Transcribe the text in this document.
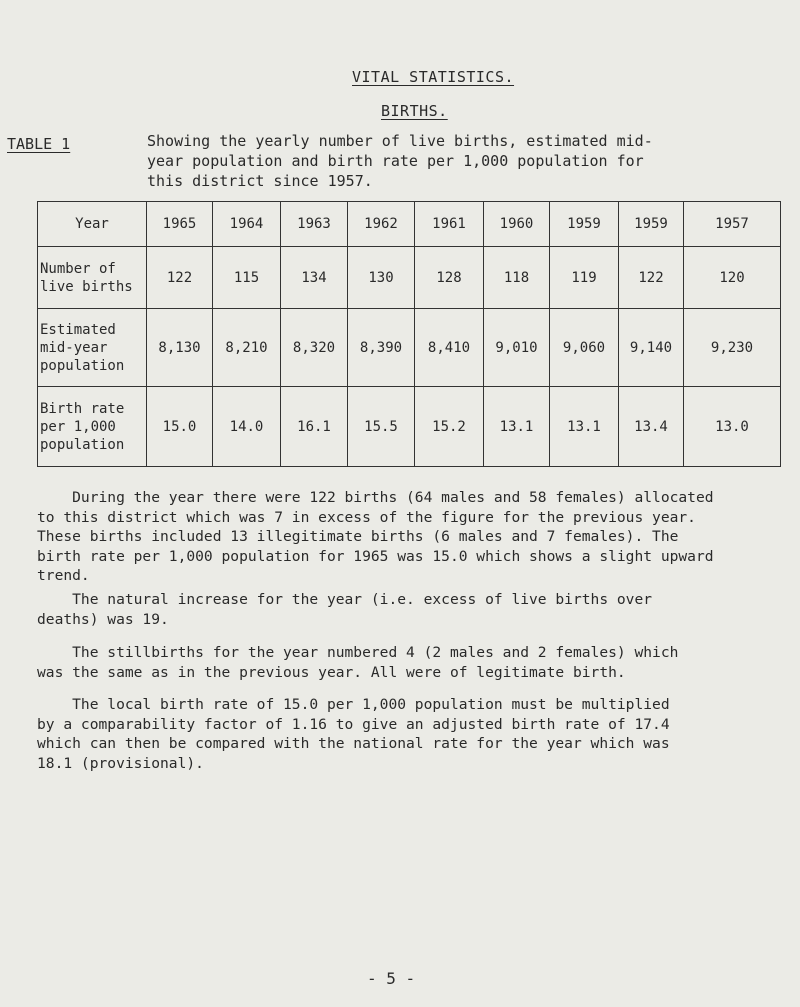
VITAL STATISTICS.
BIRTHS.
TABLE 1	Showing the yearly number of live births, estimated mid-
year population and birth rate per 1,000 population for
this district since 1957.
Year	1965	1964	1963	1962	1961	1960	1959	1959	1957

Number of
live births	122	115	134	130	128	118	119	122	120

Estimated
mid-year
population	8,130	8,210	8,320	8,390	8,410	9,010	9,060	9,140	9,230

Birth rate
per 1,000
population	15.0	14.0	16.1	15.5	15.2	13.1	13.1	13.4	13.0
During the year there were 122 births (64 males and 58 females) allocated
to this district which was 7 in excess of the figure for the previous year.
These births included 13 illegitimate births (6 males and 7 females). The
birth rate per 1,000 population for 1965 was 15.0 which shows a slight upward
trend.
The natural increase for the year (i.e. excess of live births over
deaths) was 19.
The stillbirths for the year numbered 4 (2 males and 2 females) which
was the same as in the previous year. All were of legitimate birth.
The local birth rate of 15.0 per 1,000 population must be multiplied
by a comparability factor of 1.16 to give an adjusted birth rate of 17.4
which can then be compared with the national rate for the year which was
18.1 (provisional).
- 5 -
